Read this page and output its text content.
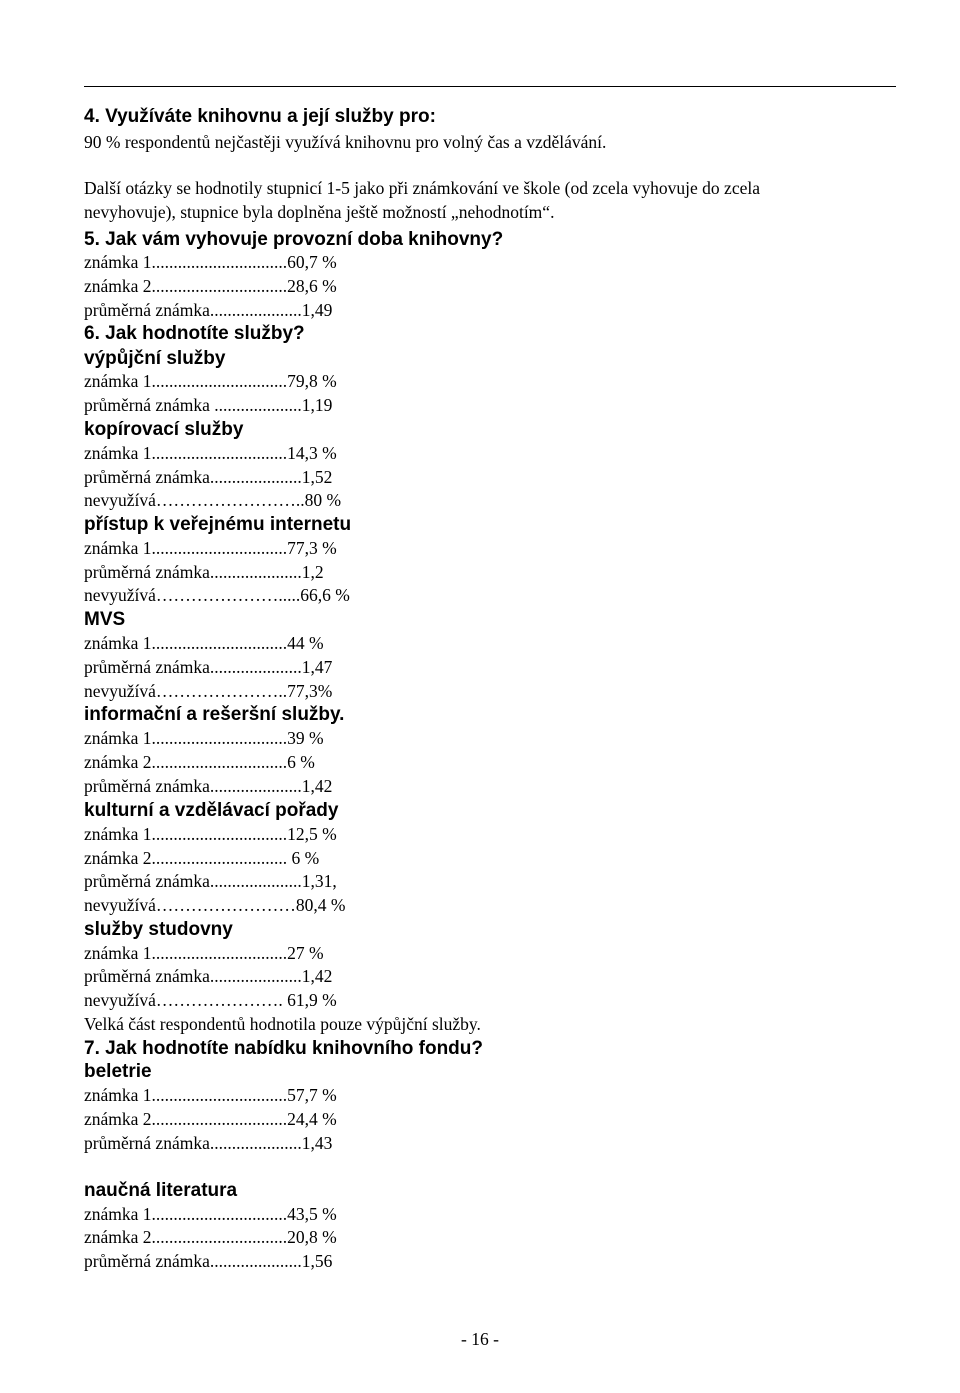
4. Využíváte knihovnu a její služby pro:
90 % respondentů nejčastěji využívá knihovnu pro volný čas a vzdělávání.
Další otázky se hodnotily stupnicí 1-5 jako při známkování ve škole (od zcela vyhovuje do zcela
nevyhovuje), stupnice byla doplněna ještě možností „nehodnotím“.
5. Jak vám vyhovuje provozní doba knihovny?
známka 1...............................60,7 %
známka 2...............................28,6 %
průměrná známka.....................1,49
6. Jak hodnotíte služby?
výpůjční služby
známka 1...............................79,8 %
průměrná známka ....................1,19
kopírovací služby
známka 1...............................14,3 %
průměrná známka.....................1,52
nevyužívá……………………..80 %
přístup k veřejnému internetu
známka 1...............................77,3 %
průměrná známka.....................1,2
nevyužívá………………….....66,6 %
MVS
známka 1...............................44 %
průměrná známka.....................1,47
nevyužívá…………………..77,3%
informační a rešeršní služby.
známka 1...............................39 %
známka 2...............................6 %
průměrná známka.....................1,42
kulturní a vzdělávací pořady
známka 1...............................12,5 %
známka 2............................... 6 %
průměrná známka.....................1,31,
nevyužívá……………………80,4 %
služby studovny
známka 1...............................27 %
průměrná známka.....................1,42
nevyužívá…………………. 61,9 %
Velká část respondentů hodnotila pouze výpůjční služby.
7. Jak hodnotíte nabídku knihovního fondu?
beletrie
známka 1...............................57,7 %
známka 2...............................24,4 %
průměrná známka.....................1,43
naučná literatura
známka 1...............................43,5 %
známka 2...............................20,8 %
průměrná známka.....................1,56
- 16 -
